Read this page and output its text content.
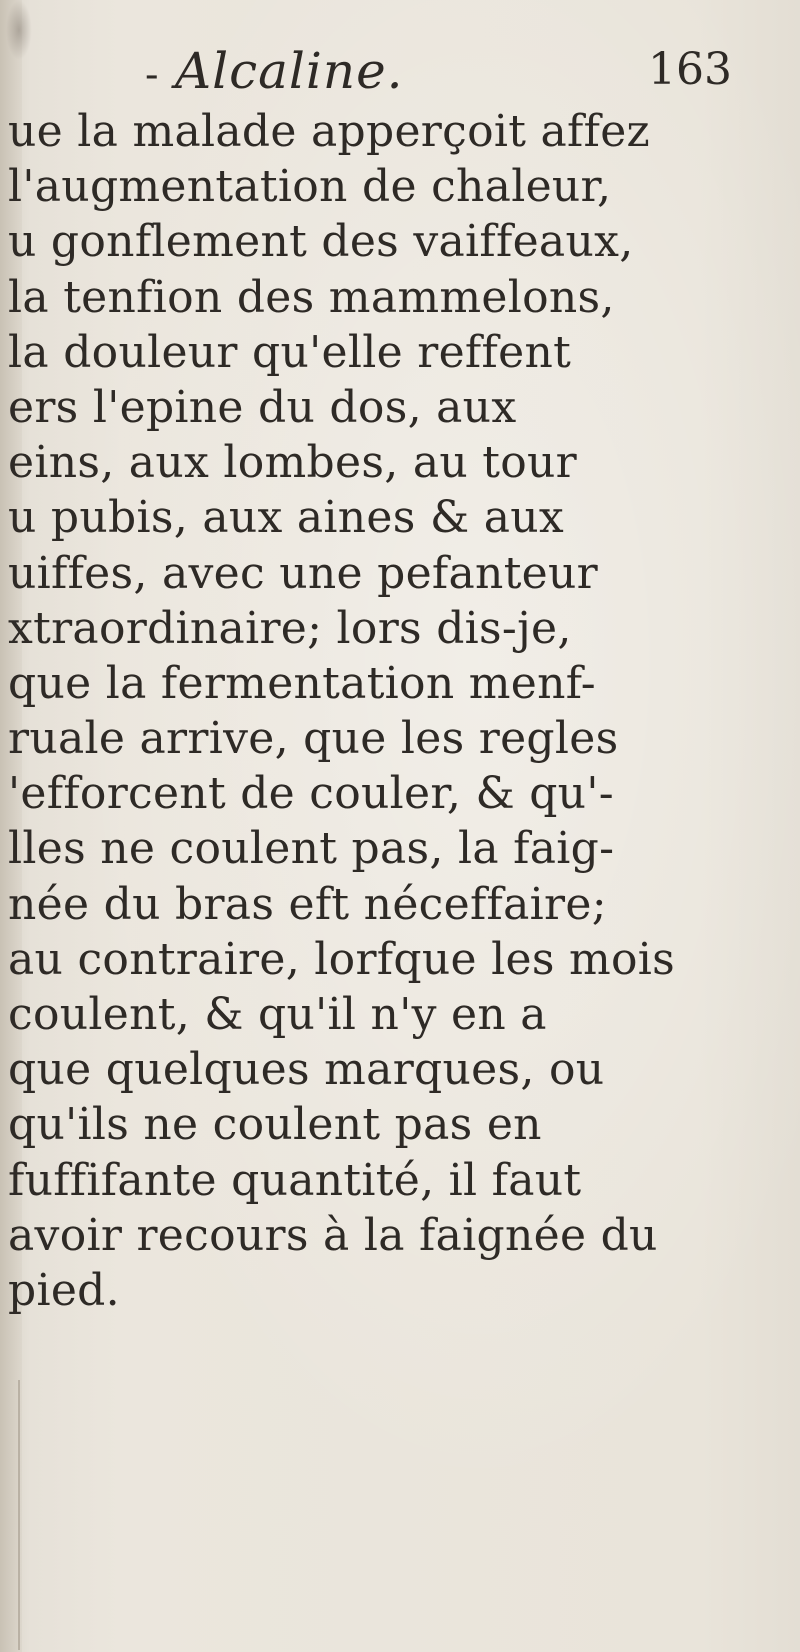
- Alcaline.	163
ue la malade apperçoit affez
l'augmentation de chaleur,
u gonflement des vaiffeaux,
la tenfion des mammelons,
la douleur qu'elle reffent
ers l'epine du dos, aux
eins, aux lombes, au tour
u pubis, aux aines & aux
uiffes, avec une pefanteur
xtraordinaire; lors dis-je,
que la fermentation menf-
ruale arrive, que les regles
'efforcent de couler, & qu'-
lles ne coulent pas, la faig-
née du bras eft néceffaire;
au contraire, lorfque les mois
coulent, & qu'il n'y en a
que quelques marques, ou
qu'ils ne coulent pas en
fuffifante quantité, il faut
avoir recours à la faignée du
pied.
